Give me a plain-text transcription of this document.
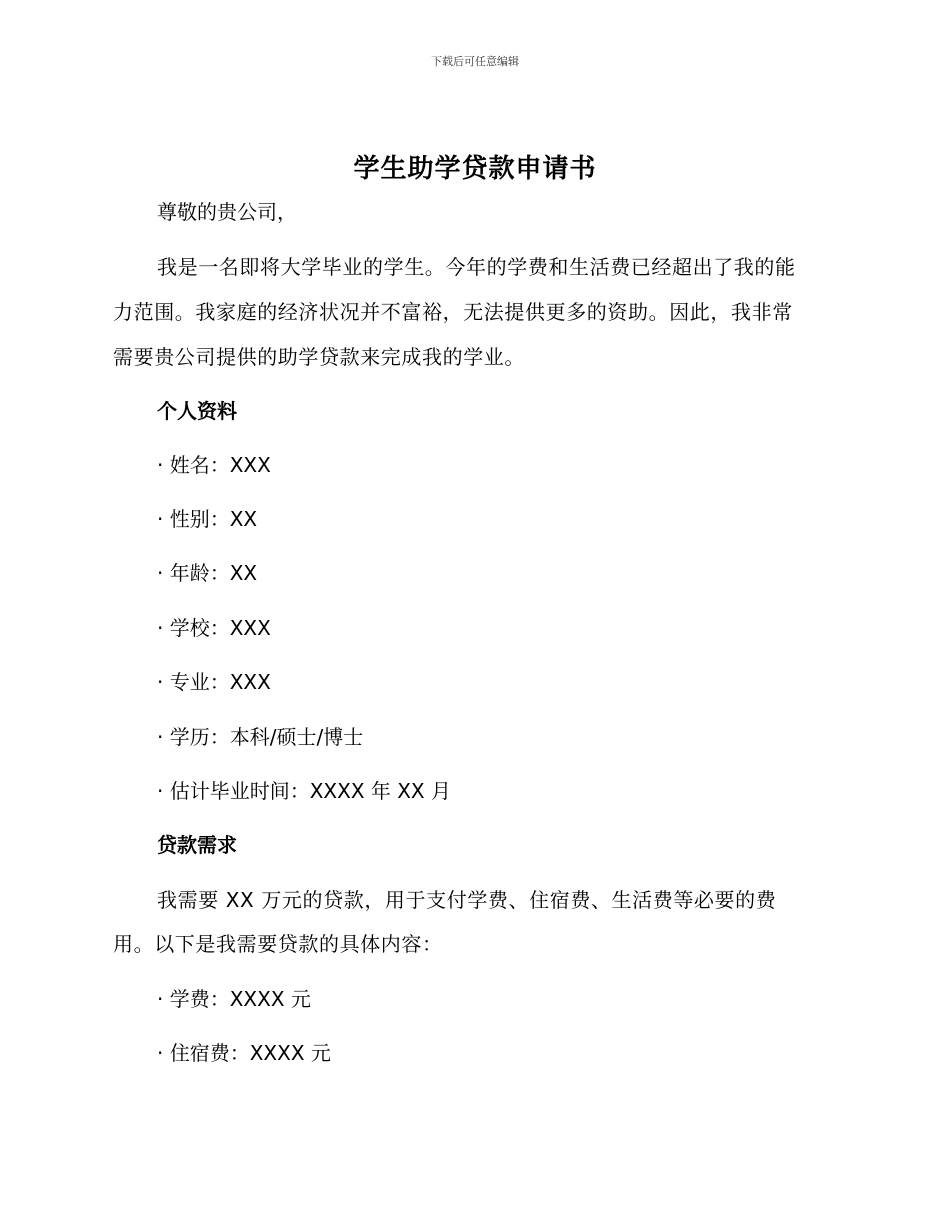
下载后可任意编辑
学生助学贷款申请书
尊敬的贵公司，
我是一名即将大学毕业的学生。今年的学费和生活费已经超出了我的能
力范围。我家庭的经济状况并不富裕，无法提供更多的资助。因此，我非常
需要贵公司提供的助学贷款来完成我的学业。
个人资料
· 姓名：XXX
· 性别：XX
· 年龄：XX
· 学校：XXX
· 专业：XXX
· 学历：本科/硕士/博士
· 估计毕业时间：XXXX 年 XX 月
贷款需求
我需要 XX 万元的贷款，用于支付学费、住宿费、生活费等必要的费
用。以下是我需要贷款的具体内容：
· 学费：XXXX 元
· 住宿费：XXXX 元
